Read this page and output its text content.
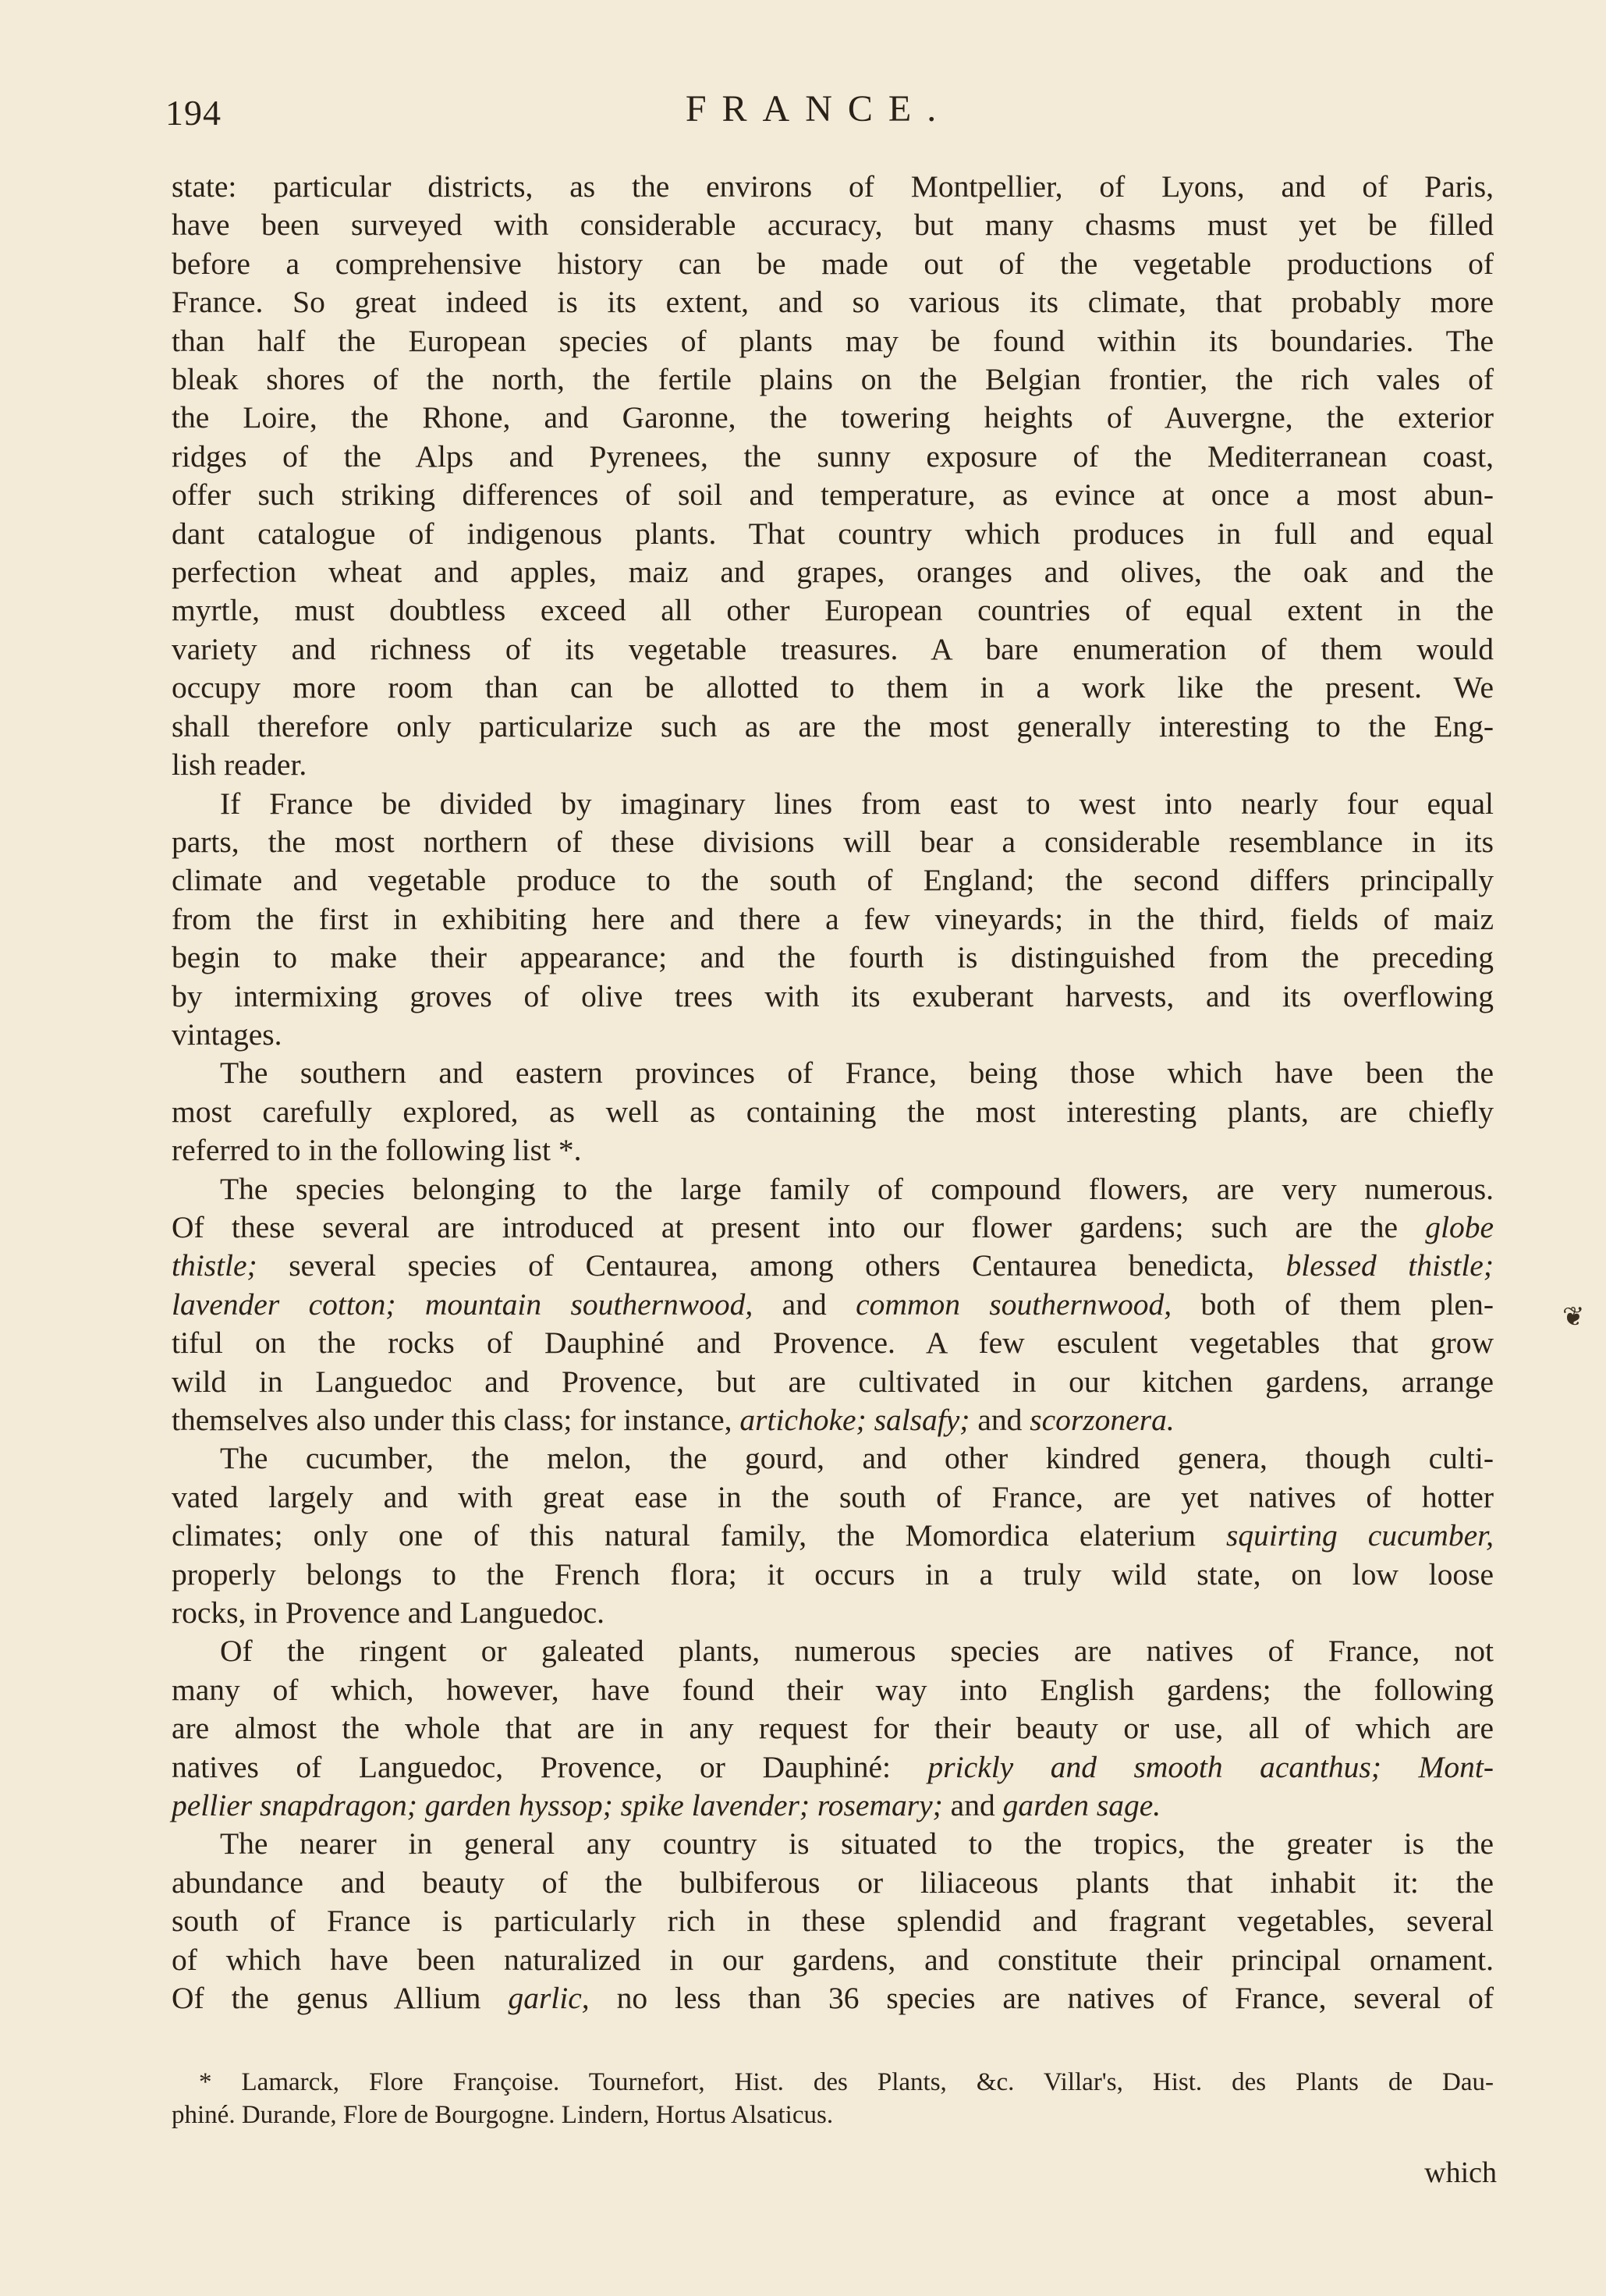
194	FRANCE.
state: particular districts, as the environs of Montpellier, of Lyons, and of Paris,
have been surveyed with considerable accuracy, but many chasms must yet be filled
before a comprehensive history can be made out of the vegetable productions of
France. So great indeed is its extent, and so various its climate, that probably more
than half the European species of plants may be found within its boundaries. The
bleak shores of the north, the fertile plains on the Belgian frontier, the rich vales of
the Loire, the Rhone, and Garonne, the towering heights of Auvergne, the exterior
ridges of the Alps and Pyrenees, the sunny exposure of the Mediterranean coast,
offer such striking differences of soil and temperature, as evince at once a most abun-
dant catalogue of indigenous plants. That country which produces in full and equal
perfection wheat and apples, maiz and grapes, oranges and olives, the oak and the
myrtle, must doubtless exceed all other European countries of equal extent in the
variety and richness of its vegetable treasures. A bare enumeration of them would
occupy more room than can be allotted to them in a work like the present. We
shall therefore only particularize such as are the most generally interesting to the Eng-
lish reader.
If France be divided by imaginary lines from east to west into nearly four equal
parts, the most northern of these divisions will bear a considerable resemblance in its
climate and vegetable produce to the south of England; the second differs principally
from the first in exhibiting here and there a few vineyards; in the third, fields of maiz
begin to make their appearance; and the fourth is distinguished from the preceding
by intermixing groves of olive trees with its exuberant harvests, and its overflowing
vintages.
The southern and eastern provinces of France, being those which have been the
most carefully explored, as well as containing the most interesting plants, are chiefly
referred to in the following list *.
The species belonging to the large family of compound flowers, are very numerous.
Of these several are introduced at present into our flower gardens; such are the globe
thistle; several species of Centaurea, among others Centaurea benedicta, blessed thistle;
lavender cotton; mountain southernwood, and common southernwood, both of them plen-
tiful on the rocks of Dauphiné and Provence. A few esculent vegetables that grow
wild in Languedoc and Provence, but are cultivated in our kitchen gardens, arrange
themselves also under this class; for instance, artichoke; salsafy; and scorzonera.
The cucumber, the melon, the gourd, and other kindred genera, though culti-
vated largely and with great ease in the south of France, are yet natives of hotter
climates; only one of this natural family, the Momordica elaterium squirting cucumber,
properly belongs to the French flora; it occurs in a truly wild state, on low loose
rocks, in Provence and Languedoc.
Of the ringent or galeated plants, numerous species are natives of France, not
many of which, however, have found their way into English gardens; the following
are almost the whole that are in any request for their beauty or use, all of which are
natives of Languedoc, Provence, or Dauphiné: prickly and smooth acanthus; Mont-
pellier snapdragon; garden hyssop; spike lavender; rosemary; and garden sage.
The nearer in general any country is situated to the tropics, the greater is the
abundance and beauty of the bulbiferous or liliaceous plants that inhabit it: the
south of France is particularly rich in these splendid and fragrant vegetables, several
of which have been naturalized in our gardens, and constitute their principal ornament.
Of the genus Allium garlic, no less than 36 species are natives of France, several of
* Lamarck, Flore Françoise. Tournefort, Hist. des Plants, &c. Villar's, Hist. des Plants de Dau-
phiné. Durande, Flore de Bourgogne. Lindern, Hortus Alsaticus.
which
❦
